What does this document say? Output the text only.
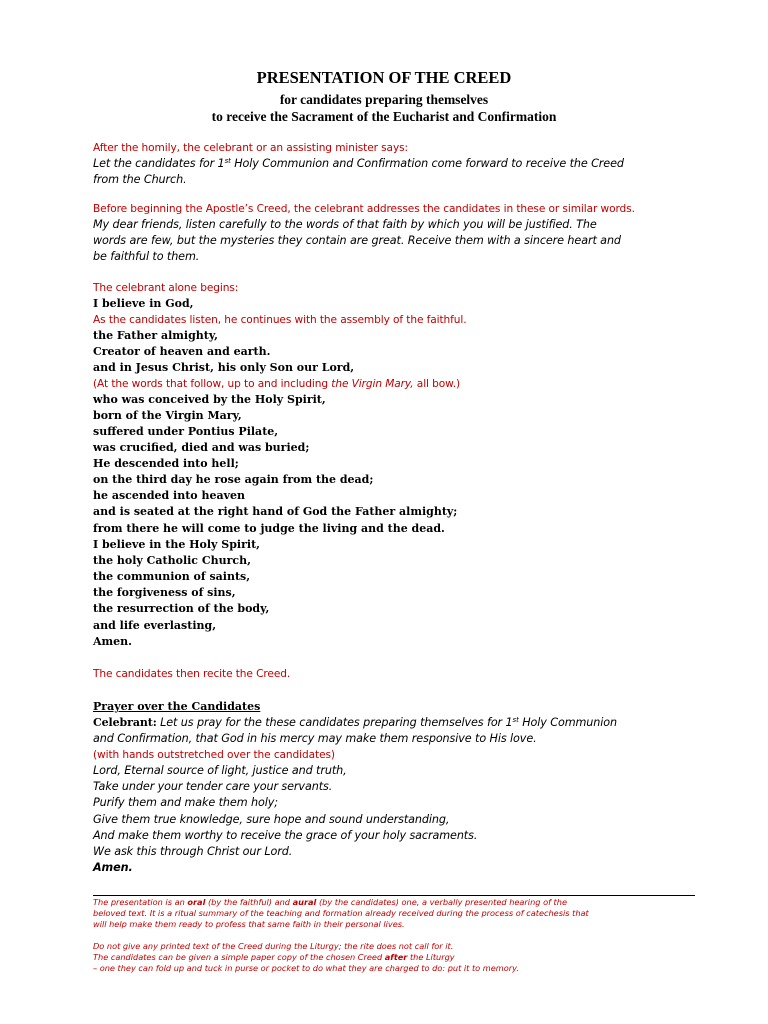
PRESENTATION OF THE CREED
for candidates preparing themselves
to receive the Sacrament of the Eucharist and Confirmation
After the homily, the celebrant or an assisting minister says:
Let the candidates for 1st Holy Communion and Confirmation come forward to receive the Creed
from the Church.
Before beginning the Apostle’s Creed, the celebrant addresses the candidates in these or similar words.
My dear friends, listen carefully to the words of that faith by which you will be justified. The
words are few, but the mysteries they contain are great. Receive them with a sincere heart and
be faithful to them.
The celebrant alone begins:
I believe in God,
As the candidates listen, he continues with the assembly of the faithful.
the Father almighty,
Creator of heaven and earth.
and in Jesus Christ, his only Son our Lord,
(At the words that follow, up to and including the Virgin Mary, all bow.)
who was conceived by the Holy Spirit,
born of the Virgin Mary,
suffered under Pontius Pilate,
was crucified, died and was buried;
He descended into hell;
on the third day he rose again from the dead;
he ascended into heaven
and is seated at the right hand of God the Father almighty;
from there he will come to judge the living and the dead.
I believe in the Holy Spirit,
the holy Catholic Church,
the communion of saints,
the forgiveness of sins,
the resurrection of the body,
and life everlasting,
Amen.
The candidates then recite the Creed.
Prayer over the Candidates
Celebrant: Let us pray for the these candidates preparing themselves for 1st Holy Communion
and Confirmation, that God in his mercy may make them responsive to His love.
(with hands outstretched over the candidates)
Lord, Eternal source of light, justice and truth,
Take under your tender care your servants.
Purify them and make them holy;
Give them true knowledge, sure hope and sound understanding,
And make them worthy to receive the grace of your holy sacraments.
We ask this through Christ our Lord.
Amen.
The presentation is an oral (by the faithful) and aural (by the candidates) one, a verbally presented hearing of the
beloved text. It is a ritual summary of the teaching and formation already received during the process of catechesis that
will help make them ready to profess that same faith in their personal lives.
Do not give any printed text of the Creed during the Liturgy; the rite does not call for it.
The candidates can be given a simple paper copy of the chosen Creed after the Liturgy
– one they can fold up and tuck in purse or pocket to do what they are charged to do: put it to memory.
